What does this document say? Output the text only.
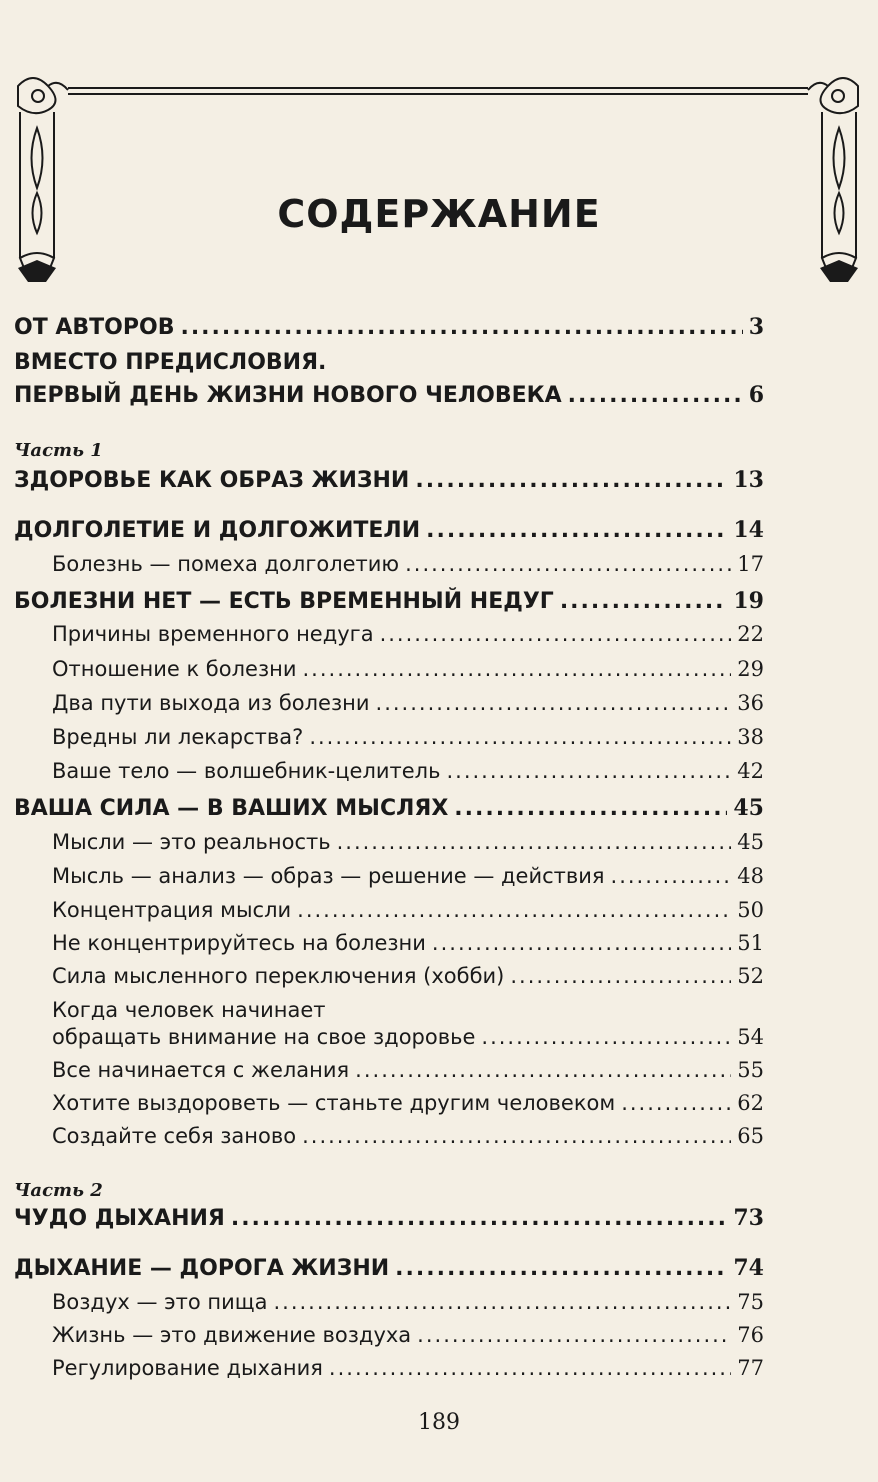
СОДЕРЖАНИЕ
ОТ АВТОРОВ .....	3
ВМЕСТО ПРЕДИСЛОВИЯ.
ПЕРВЫЙ ДЕНЬ ЖИЗНИ НОВОГО ЧЕЛОВЕКА .....	6
Часть 1
ЗДОРОВЬЕ КАК ОБРАЗ ЖИЗНИ .....	13
ДОЛГОЛЕТИЕ И ДОЛГОЖИТЕЛИ .....	14
Болезнь — помеха долголетию .....	17
БОЛЕЗНИ НЕТ — ЕСТЬ ВРЕМЕННЫЙ НЕДУГ .....	19
Причины временного недуга .....	22
Отношение к болезни .....	29
Два пути выхода из болезни .....	36
Вредны ли лекарства? .....	38
Ваше тело — волшебник-целитель .....	42
ВАША СИЛА — В ВАШИХ МЫСЛЯХ .....	45
Мысли — это реальность .....	45
Мысль — анализ — образ — решение — действия .....	48
Концентрация мысли .....	50
Не концентрируйтесь на болезни .....	51
Сила мысленного переключения (хобби) .....	52
Когда человек начинает
обращать внимание на свое здоровье .....	54
Все начинается с желания .....	55
Хотите выздороветь — станьте другим человеком .....	62
Создайте себя заново .....	65
Часть 2
ЧУДО ДЫХАНИЯ .....	73
ДЫХАНИЕ — ДОРОГА ЖИЗНИ .....	74
Воздух — это пища .....	75
Жизнь — это движение воздуха .....	76
Регулирование дыхания .....	77
189
